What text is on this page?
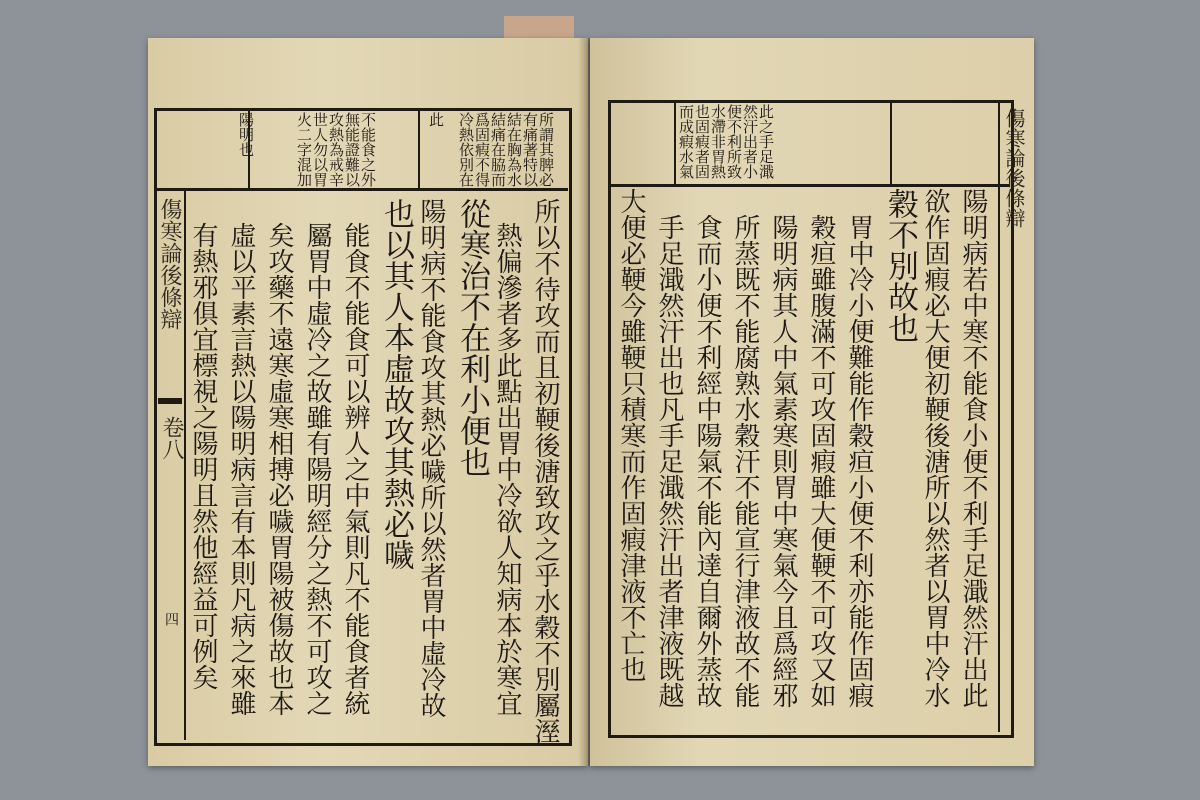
所謂其脾必
有痛著特以
結在胸為水
結痛在脇而
爲固瘕不得
冷熱依別在
此
不能食之外
無能證難以
攻熱為戒辛
世人勿以胃
火二字混加
陽明也
所以不待攻而且初鞕後溏致攻之乎水穀不別屬溼
熱偏滲者多此點出胃中冷欲人知病本於寒宜
從寒治不在利小便也
陽明病不能食攻其熱必噦所以然者胃中虛冷故
也以其人本虛故攻其熱必噦
能食不能食可以辨人之中氣則凡不能食者統
屬胃中虛冷之故雖有陽明經分之熱不可攻之
矣攻藥不遠寒虛寒相搏必噦胃陽被傷故也本
虛以平素言熱以陽明病言有本則凡病之來雖
有熱邪俱宜標視之陽明且然他經益可例矣
傷寒論後條辯
卷八
四
此之手足濈
然汗出者小
便不利所致
水滯非胃熱
也固瘕者固
而成瘕水氣
陽明病若中寒不能食小便不利手足濈然汗出此
欲作固瘕必大便初鞕後溏所以然者以胃中冷水
穀不別故也
胃中冷小便難能作穀疸小便不利亦能作固瘕
穀疸雖腹滿不可攻固瘕雖大便鞕不可攻又如
陽明病其人中氣素寒則胃中寒氣今且爲經邪
所蒸既不能腐熟水穀汗不能宣行津液故不能
食而小便不利經中陽氣不能內達自爾外蒸故
手足濈然汗出也凡手足濈然汗出者津液既越
大便必鞕今雖鞕只積寒而作固瘕津液不亡也
傷寒論後條辯
